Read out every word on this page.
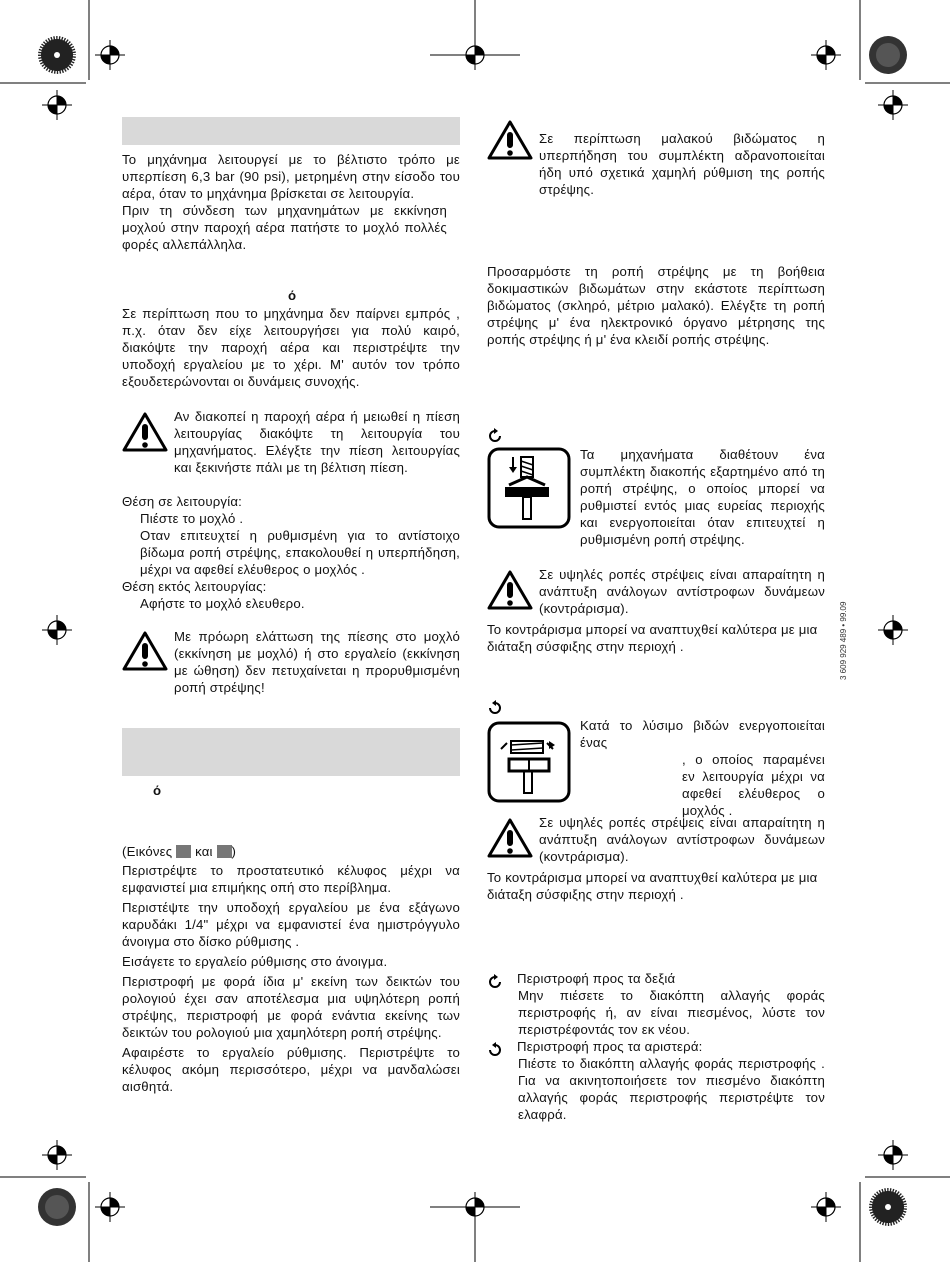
3 609 929 489 • 99.09

Το μηχάνημα λειτουργεί με το βέλτιστο τρόπο με υπερπίεση 6,3 bar (90 psi), μετρημένη στην είσοδο του αέρα, όταν το μηχάνημα βρίσκεται σε λειτουργία.

Πριν τη σύνδεση των μηχανημάτων με εκκίνηση μοχλού στην παροχή αέρα πατήστε το μοχλό πολλές φορές αλλεπάλληλα.

ό

Σε περίπτωση που το μηχάνημα δεν παίρνει εμπρός , π.χ. όταν δεν είχε λειτουργήσει για πολύ καιρό, διακόψτε την παροχή αέρα και περιστρέψτε την υποδοχή εργαλείου με το χέρι. Μ' αυτόν τον τρόπο εξουδετερώνονται οι δυνάμεις συνοχής.

Αν διακοπεί η παροχή αέρα ή μειωθεί η πίεση λειτουργίας διακόψτε τη λειτουργία του μηχανήματος. Ελέγξτε την πίεση λειτουργίας και ξεκινήστε πάλι με τη βέλτιση πίεση.

Θέση σε λειτουργία:

Πιέστε το μοχλό .

Οταν επιτευχτεί η ρυθμισμένη για το αντίστοιχο βίδωμα ροπή στρέψης, επακολουθεί η υπερπήδηση, μέχρι να αφεθεί ελέυθερος ο μοχλός .

Θέση εκτός λειτουργίας:

Αφήστε το μοχλό ελευθερο.

Με πρόωρη ελάττωση της πίεσης στο μοχλό (εκκίνηση με μοχλό) ή στο εργαλείο (εκκίνηση με ώθηση) δεν πετυχαίνεται η προρυθμισμένη ροπή στρέψης!

ό
(Εικόνες και )

Περιστρέψτε το προστατευτικό κέλυφος μέχρι να εμφανιστεί μια επιμήκης οπή στο περίβλημα.

Περιστέψτε την υποδοχή εργαλείου με ένα εξάγωνο καρυδάκι 1/4" μέχρι να εμφανιστεί ένα ημιστρόγγυλο άνοιγμα στο δίσκο ρύθμισης .

Εισάγετε το εργαλείο ρύθμισης στο άνοιγμα.

Περιστροφή με φορά ίδια μ' εκείνη των δεικτών του ρολογιού έχει σαν αποτέλεσμα μια υψηλότερη ροπή στρέψης, περιστροφή με φορά ενάντια εκείνης των δεικτών του ρολογιού μια χαμηλότερη ροπή στρέψης.

Αφαιρέστε το εργαλείο ρύθμισης. Περιστρέψτε το κέλυφος ακόμη περισσότερο, μέχρι να μανδαλώσει αισθητά.

Σε περίπτωση μαλακού βιδώματος η υπερπήδηση του συμπλέκτη αδρανοποιείται ήδη υπό σχετικά χαμηλή ρύθμιση της ροπής στρέψης.

Προσαρμόστε τη ροπή στρέψης με τη βοήθεια δοκιμαστικών βιδωμάτων στην εκάστοτε περίπτωση βιδώματος (σκληρό, μέτριο μαλακό). Ελέγξτε τη ροπή στρέψης μ' ένα ηλεκτρονικό όργανο μέτρησης της ροπής στρέψης ή μ' ένα κλειδί ροπής στρέψης.

Τα μηχανήματα διαθέτουν ένα συμπλέκτη διακοπής εξαρτημένο από τη ροπή στρέψης, ο οποίος μπορεί να ρυθμιστεί εντός μιας ευρείας περιοχής και ενεργοποιείται όταν επιτευχτεί η ρυθμισμένη ροπή στρέψης.

Σε υψηλές ροπές στρέψεις είναι απαραίτητη η ανάπτυξη ανάλογων αντίστροφων δυνάμεων (κοντράρισμα).

Το κοντράρισμα μπορεί να αναπτυχθεί καλύτερα με μια διάταξη σύσφιξης στην περιοχή .

Κατά το λύσιμο βιδών ενεργοποιείται ένας

, ο οποίος παραμένει εν λειτουργία μέχρι να αφεθεί ελέυθερος ο μοχλός .

Σε υψηλές ροπές στρέψεις είναι απαραίτητη η ανάπτυξη ανάλογων αντίστροφων δυνάμεων (κοντράρισμα).

Το κοντράρισμα μπορεί να αναπτυχθεί καλύτερα με μια διάταξη σύσφιξης στην περιοχή .

Περιστροφή προς τα δεξιά

Μην πιέσετε το διακόπτη αλλαγής φοράς περιστροφής ή, αν είναι πιεσμένος, λύστε τον περιστρέφοντάς τον εκ νέου.

Περιστροφή προς τα αριστερά:

Πιέστε το διακόπτη αλλαγής φοράς περιστροφής . Για να ακινητοποιήσετε τον πιεσμένο διακόπτη αλλαγής φοράς περιστροφής περιστρέψτε τον ελαφρά.
